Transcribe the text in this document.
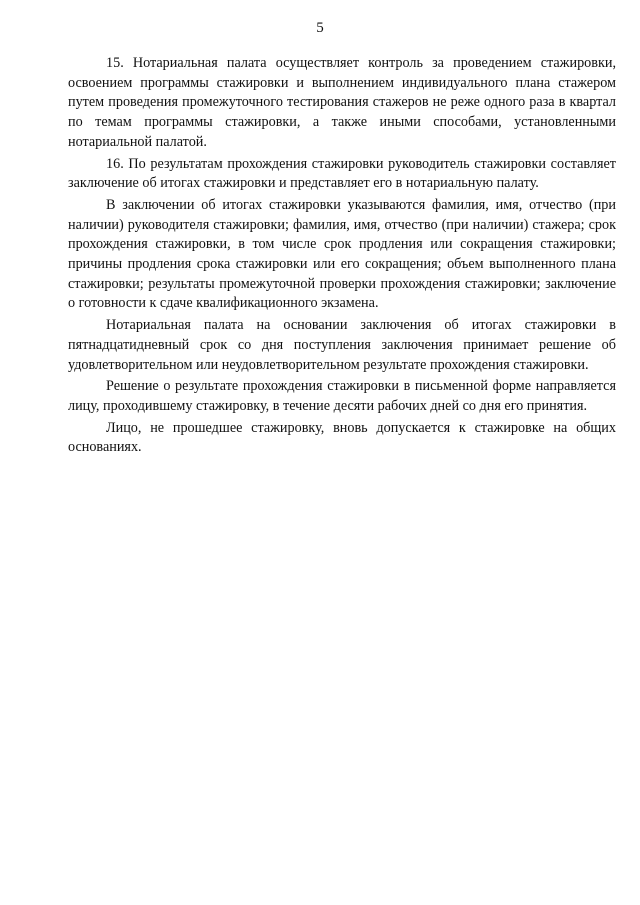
5

15. Нотариальная палата осуществляет контроль за проведением стажировки, освоением программы стажировки и выполнением индивидуального плана стажером путем проведения промежуточного тестирования стажеров не реже одного раза в квартал по темам программы стажировки, а также иными способами, установленными нотариальной палатой.

16. По результатам прохождения стажировки руководитель стажировки составляет заключение об итогах стажировки и представляет его в нотариальную палату.

В заключении об итогах стажировки указываются фамилия, имя, отчество (при наличии) руководителя стажировки; фамилия, имя, отчество (при наличии) стажера; срок прохождения стажировки, в том числе срок продления или сокращения стажировки; причины продления срока стажировки или его сокращения; объем выполненного плана стажировки; результаты промежуточной проверки прохождения стажировки; заключение о готовности к сдаче квалификационного экзамена.

Нотариальная палата на основании заключения об итогах стажировки в пятнадцатидневный срок со дня поступления заключения принимает решение об удовлетворительном или неудовлетворительном результате прохождения стажировки.

Решение о результате прохождения стажировки в письменной форме направляется лицу, проходившему стажировку, в течение десяти рабочих дней со дня его принятия.

Лицо, не прошедшее стажировку, вновь допускается к стажировке на общих основаниях.
